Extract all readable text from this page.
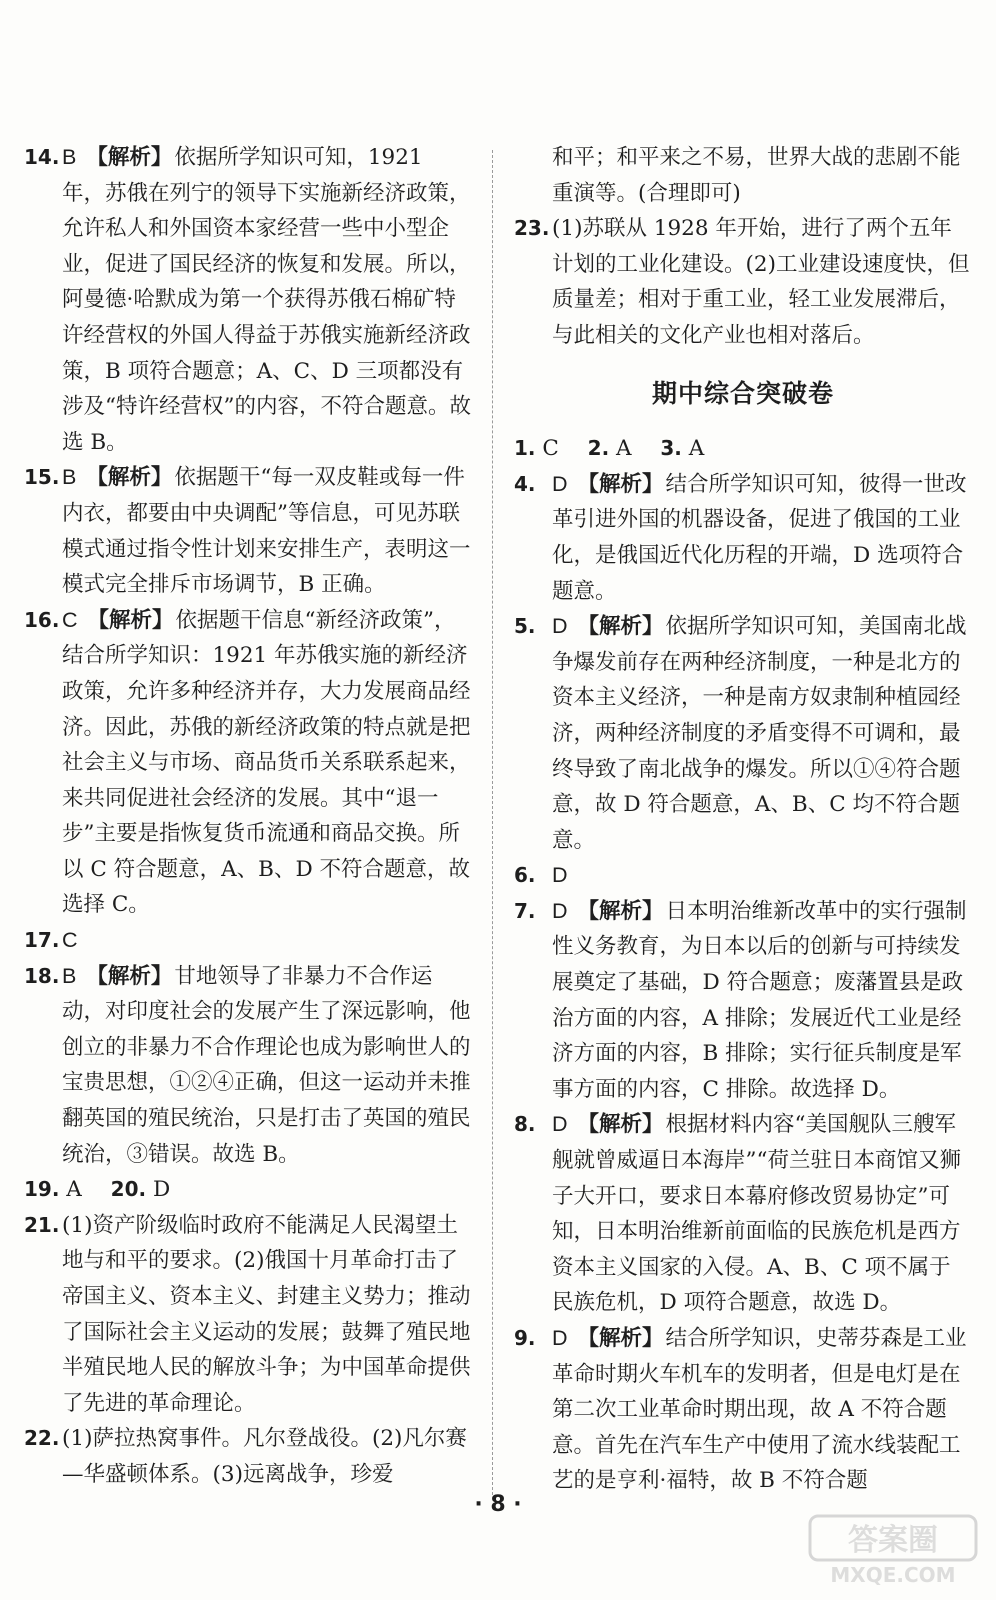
14. B 【解析】依据所学知识可知，1921 年，苏俄在列宁的领导下实施新经济政策，允许私人和外国资本家经营一些中小型企业，促进了国民经济的恢复和发展。所以，阿曼德·哈默成为第一个获得苏俄石棉矿特许经营权的外国人得益于苏俄实施新经济政策，B 项符合题意；A、C、D 三项都没有涉及“特许经营权”的内容，不符合题意。故选 B。

15. B 【解析】依据题干“每一双皮鞋或每一件内衣，都要由中央调配”等信息，可见苏联模式通过指令性计划来安排生产，表明这一模式完全排斥市场调节，B 正确。

16. C 【解析】依据题干信息“新经济政策”，结合所学知识：1921 年苏俄实施的新经济政策，允许多种经济并存，大力发展商品经济。因此，苏俄的新经济政策的特点就是把社会主义与市场、商品货币关系联系起来，来共同促进社会经济的发展。其中“退一步”主要是指恢复货币流通和商品交换。所以 C 符合题意，A、B、D 不符合题意，故选择 C。

17. C

18. B 【解析】甘地领导了非暴力不合作运动，对印度社会的发展产生了深远影响，他创立的非暴力不合作理论也成为影响世人的宝贵思想，①②④正确，但这一运动并未推翻英国的殖民统治，只是打击了英国的殖民统治，③错误。故选 B。

19. A 20. D

21. (1)资产阶级临时政府不能满足人民渴望土地与和平的要求。(2)俄国十月革命打击了帝国主义、资本主义、封建主义势力；推动了国际社会主义运动的发展；鼓舞了殖民地半殖民地人民的解放斗争；为中国革命提供了先进的革命理论。

22. (1)萨拉热窝事件。凡尔登战役。(2)凡尔赛—华盛顿体系。(3)远离战争，珍爱

和平；和平来之不易，世界大战的悲剧不能重演等。(合理即可)

23. (1)苏联从 1928 年开始，进行了两个五年计划的工业化建设。(2)工业建设速度快，但质量差；相对于重工业，轻工业发展滞后，与此相关的文化产业也相对落后。

期中综合突破卷

1. C 2. A 3. A

4. D 【解析】结合所学知识可知，彼得一世改革引进外国的机器设备，促进了俄国的工业化，是俄国近代化历程的开端，D 选项符合题意。

5. D 【解析】依据所学知识可知，美国南北战争爆发前存在两种经济制度，一种是北方的资本主义经济，一种是南方奴隶制种植园经济，两种经济制度的矛盾变得不可调和，最终导致了南北战争的爆发。所以①④符合题意，故 D 符合题意，A、B、C 均不符合题意。

6. D

7. D 【解析】日本明治维新改革中的实行强制性义务教育，为日本以后的创新与可持续发展奠定了基础，D 符合题意；废藩置县是政治方面的内容，A 排除；发展近代工业是经济方面的内容，B 排除；实行征兵制度是军事方面的内容，C 排除。故选择 D。

8. D 【解析】根据材料内容“美国舰队三艘军舰就曾威逼日本海岸”“荷兰驻日本商馆又狮子大开口，要求日本幕府修改贸易协定”可知，日本明治维新前面临的民族危机是西方资本主义国家的入侵。A、B、C 项不属于民族危机，D 项符合题意，故选 D。

9. D 【解析】结合所学知识，史蒂芬森是工业革命时期火车机车的发明者，但是电灯是在第二次工业革命时期出现，故 A 不符合题意。首先在汽车生产中使用了流水线装配工艺的是亨利·福特，故 B 不符合题

· 8 ·
答案圈
MXQE.COM
